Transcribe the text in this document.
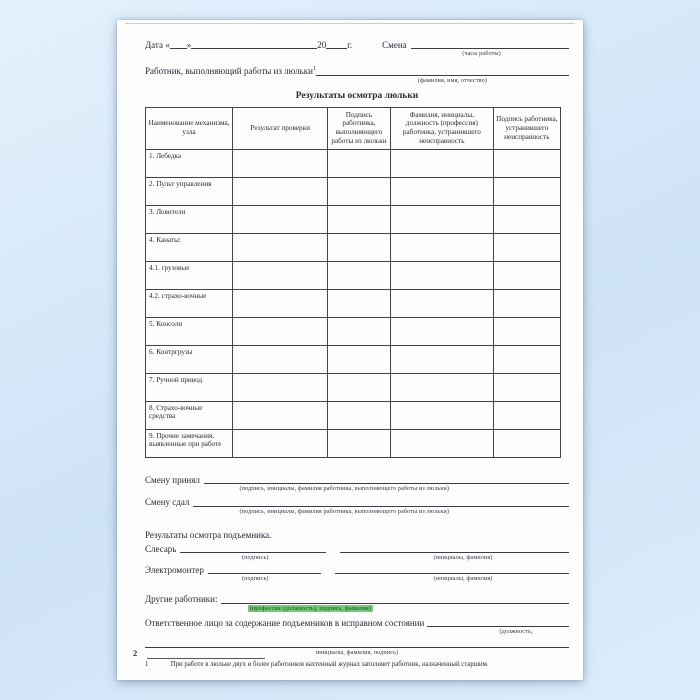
Дата « »	20 г.	Смена
(часы работы)
Работник, выполняющий работы из люльки$^1$
(фамилия, имя, отчество)
Результаты осмотра люльки
Наименование механизма, узла	Результат проверки	Подпись работника, выполняющего работы из люльки	Фамилия, инициалы, должность (профессия) работника, устранившего неисправность	Подпись работника, устранившего неисправность
1. Лебедка				
2. Пульт управления				
3. Ловители				
4. Канаты:				
4.1. грузовые				
4.2. страхо-вочные				
5. Консоли				
6. Контргрузы				
7. Ручной привод				
8. Страхо-вочные средства				
9. Прочие замечания, выявленные при работе				
Смену принял
(подпись, инициалы, фамилия работника, выполняющего работы из люльки)
Смену сдал
(подпись, инициалы, фамилия работника, выполняющего работы из люльки)
Результаты осмотра подъемника.
Слесарь
(подпись)	(инициалы, фамилия)
Электромонтер
(подпись)	(инициалы, фамилия)
Другие работники:
(профессия (должность), подпись, фамилия)
Ответственное лицо за содержание подъемников в исправном состоянии
(должность,
инициалы, фамилия, подпись)
1	При работе в люльке двух и более работников вахтенный журнал заполняет работник, назначенный старшим.
2
